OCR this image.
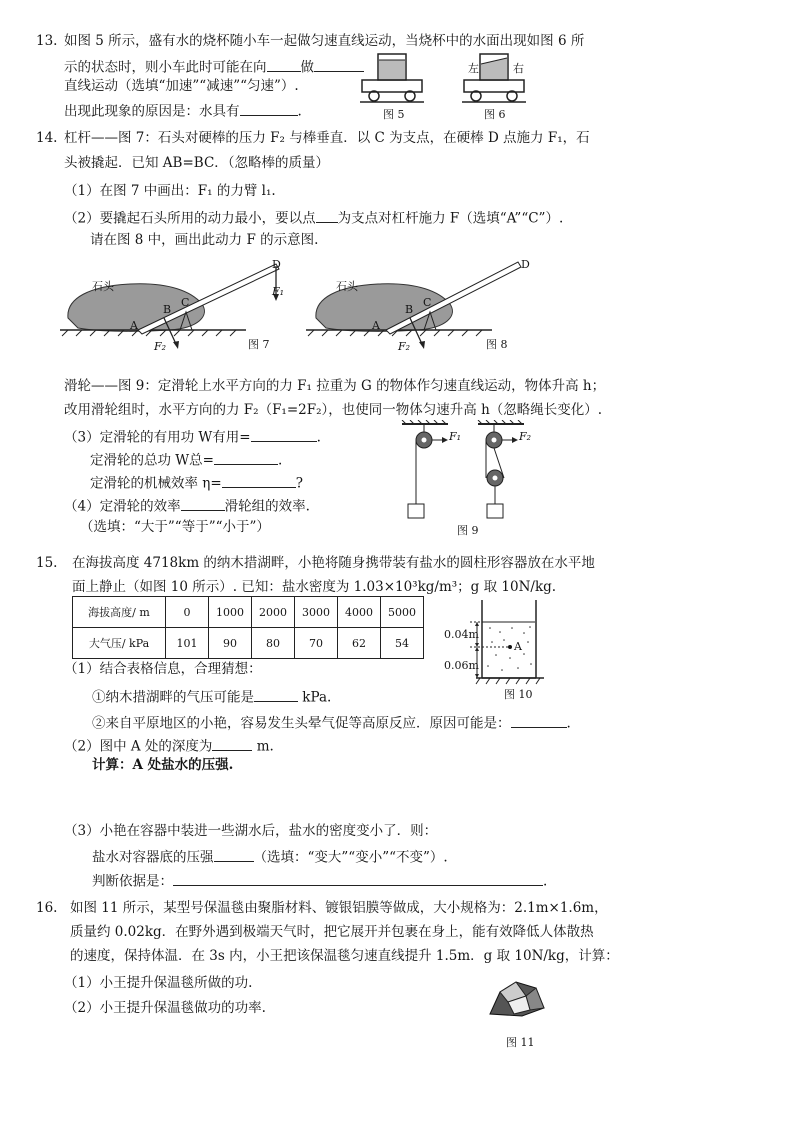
13. 如图 5 所示，盛有水的烧杯随小车一起做匀速直线运动，当烧杯中的水面出现如图 6 所
示的状态时，则小车此时可能在向	做
直线运动（选填“加速”“减速”“匀速”）.
出现此现象的原因是：水具有	.
左	右
图 5	图 6
14. 杠杆——图 7：石头对硬棒的压力 F₂ 与棒垂直．以 C 为支点，在硬棒 D 点施力 F₁，石
头被撬起．已知 AB=BC．（忽略棒的质量）
（1）在图 7 中画出：F₁ 的力臂 l₁.
（2）要撬起石头所用的动力最小，要以点 为支点对杠杆施力 F（选填“A”“C”）.
请在图 8 中，画出此动力 F 的示意图.
石头
A
B
C
D
F₁
F₂	图 7
石头
A
B
C
D
F₂	图 8
滑轮——图 9：定滑轮上水平方向的力 F₁ 拉重为 G 的物体作匀速直线运动，物体升高 h；
改用滑轮组时，水平方向的力 F₂（F₁=2F₂），也使同一物体匀速升高 h（忽略绳长变化）.
（3）定滑轮的有用功 W有用=	.
定滑轮的总功 W总=	.
定滑轮的机械效率 η=	?
（4）定滑轮的效率	滑轮组的效率.
（选填：“大于”“等于”“小于”）
F₁	F₂
图 9
15. 在海拔高度 4718km 的纳木措湖畔，小艳将随身携带装有盐水的圆柱形容器放在水平地
面上静止（如图 10 所示）. 已知：盐水密度为 1.03×10³kg/m³；g 取 10N/kg.
海拔高度/ m	0	1000	2000	3000	4000	5000
大气压/ kPa	101	90	80	70	62	54
（1）结合表格信息，合理猜想：
①纳木措湖畔的气压可能是	kPa.
②来自平原地区的小艳，容易发生头晕气促等高原反应．原因可能是：	.
（2）图中 A 处的深度为	m.
计算：A 处盐水的压强.
（3）小艳在容器中装进一些湖水后，盐水的密度变小了．则：
盐水对容器底的压强	（选填：“变大”“变小”“不变”）.
判断依据是：	.
0.04m
0.06m
A
图 10
16. 如图 11 所示，某型号保温毯由聚脂材料、镀银铝膜等做成，大小规格为：2.1m×1.6m，
质量约 0.02kg．在野外遇到极端天气时，把它展开并包裹在身上，能有效降低人体散热
的速度，保持体温．在 3s 内，小王把该保温毯匀速直线提升 1.5m．g 取 10N/kg，计算：
（1）小王提升保温毯所做的功.
（2）小王提升保温毯做功的功率.
图 11
